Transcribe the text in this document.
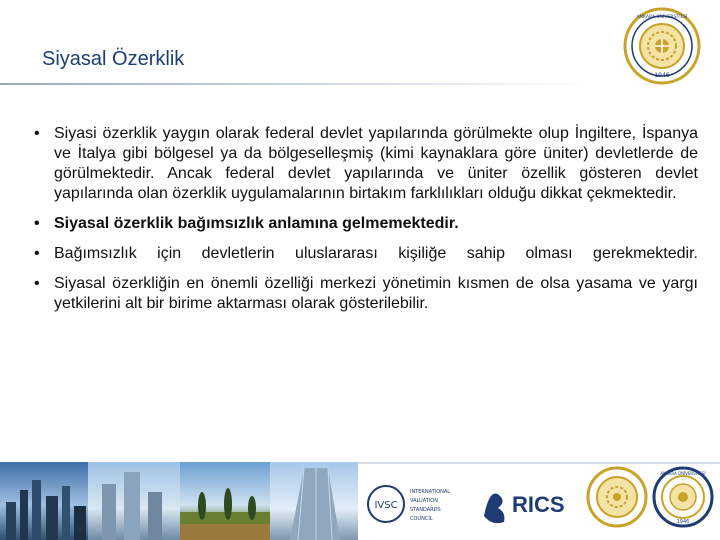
Siyasal Özerklik
1946
ANKARA ÜNİVERSİTESİ
• Siyasi özerklik yaygın olarak federal devlet yapılarında görülmekte olup İngiltere, İspanya ve İtalya gibi bölgesel ya da bölgeselleşmiş (kimi kaynaklara göre üniter) devletlerde de görülmektedir. Ancak federal devlet yapılarında ve üniter özellik gösteren devlet yapılarında olan özerklik uygulamalarının birtakım farklılıkları olduğu dikkat çekmektedir.
• Siyasal özerklik bağımsızlık anlamına gelmemektedir.
• Bağımsızlık için devletlerin uluslararası kişiliğe sahip olması gerekmektedir.
• Siyasal özerkliğin en önemli özelliği merkezi yönetimin kısmen de olsa yasama ve yargı yetkilerini alt bir birime aktarması olarak gösterilebilir.
IVSC
INTERNATIONAL
VALUATION
STANDARDS
COUNCIL
RICS
1946
ANKARA ÜNİVERSİTESİ
